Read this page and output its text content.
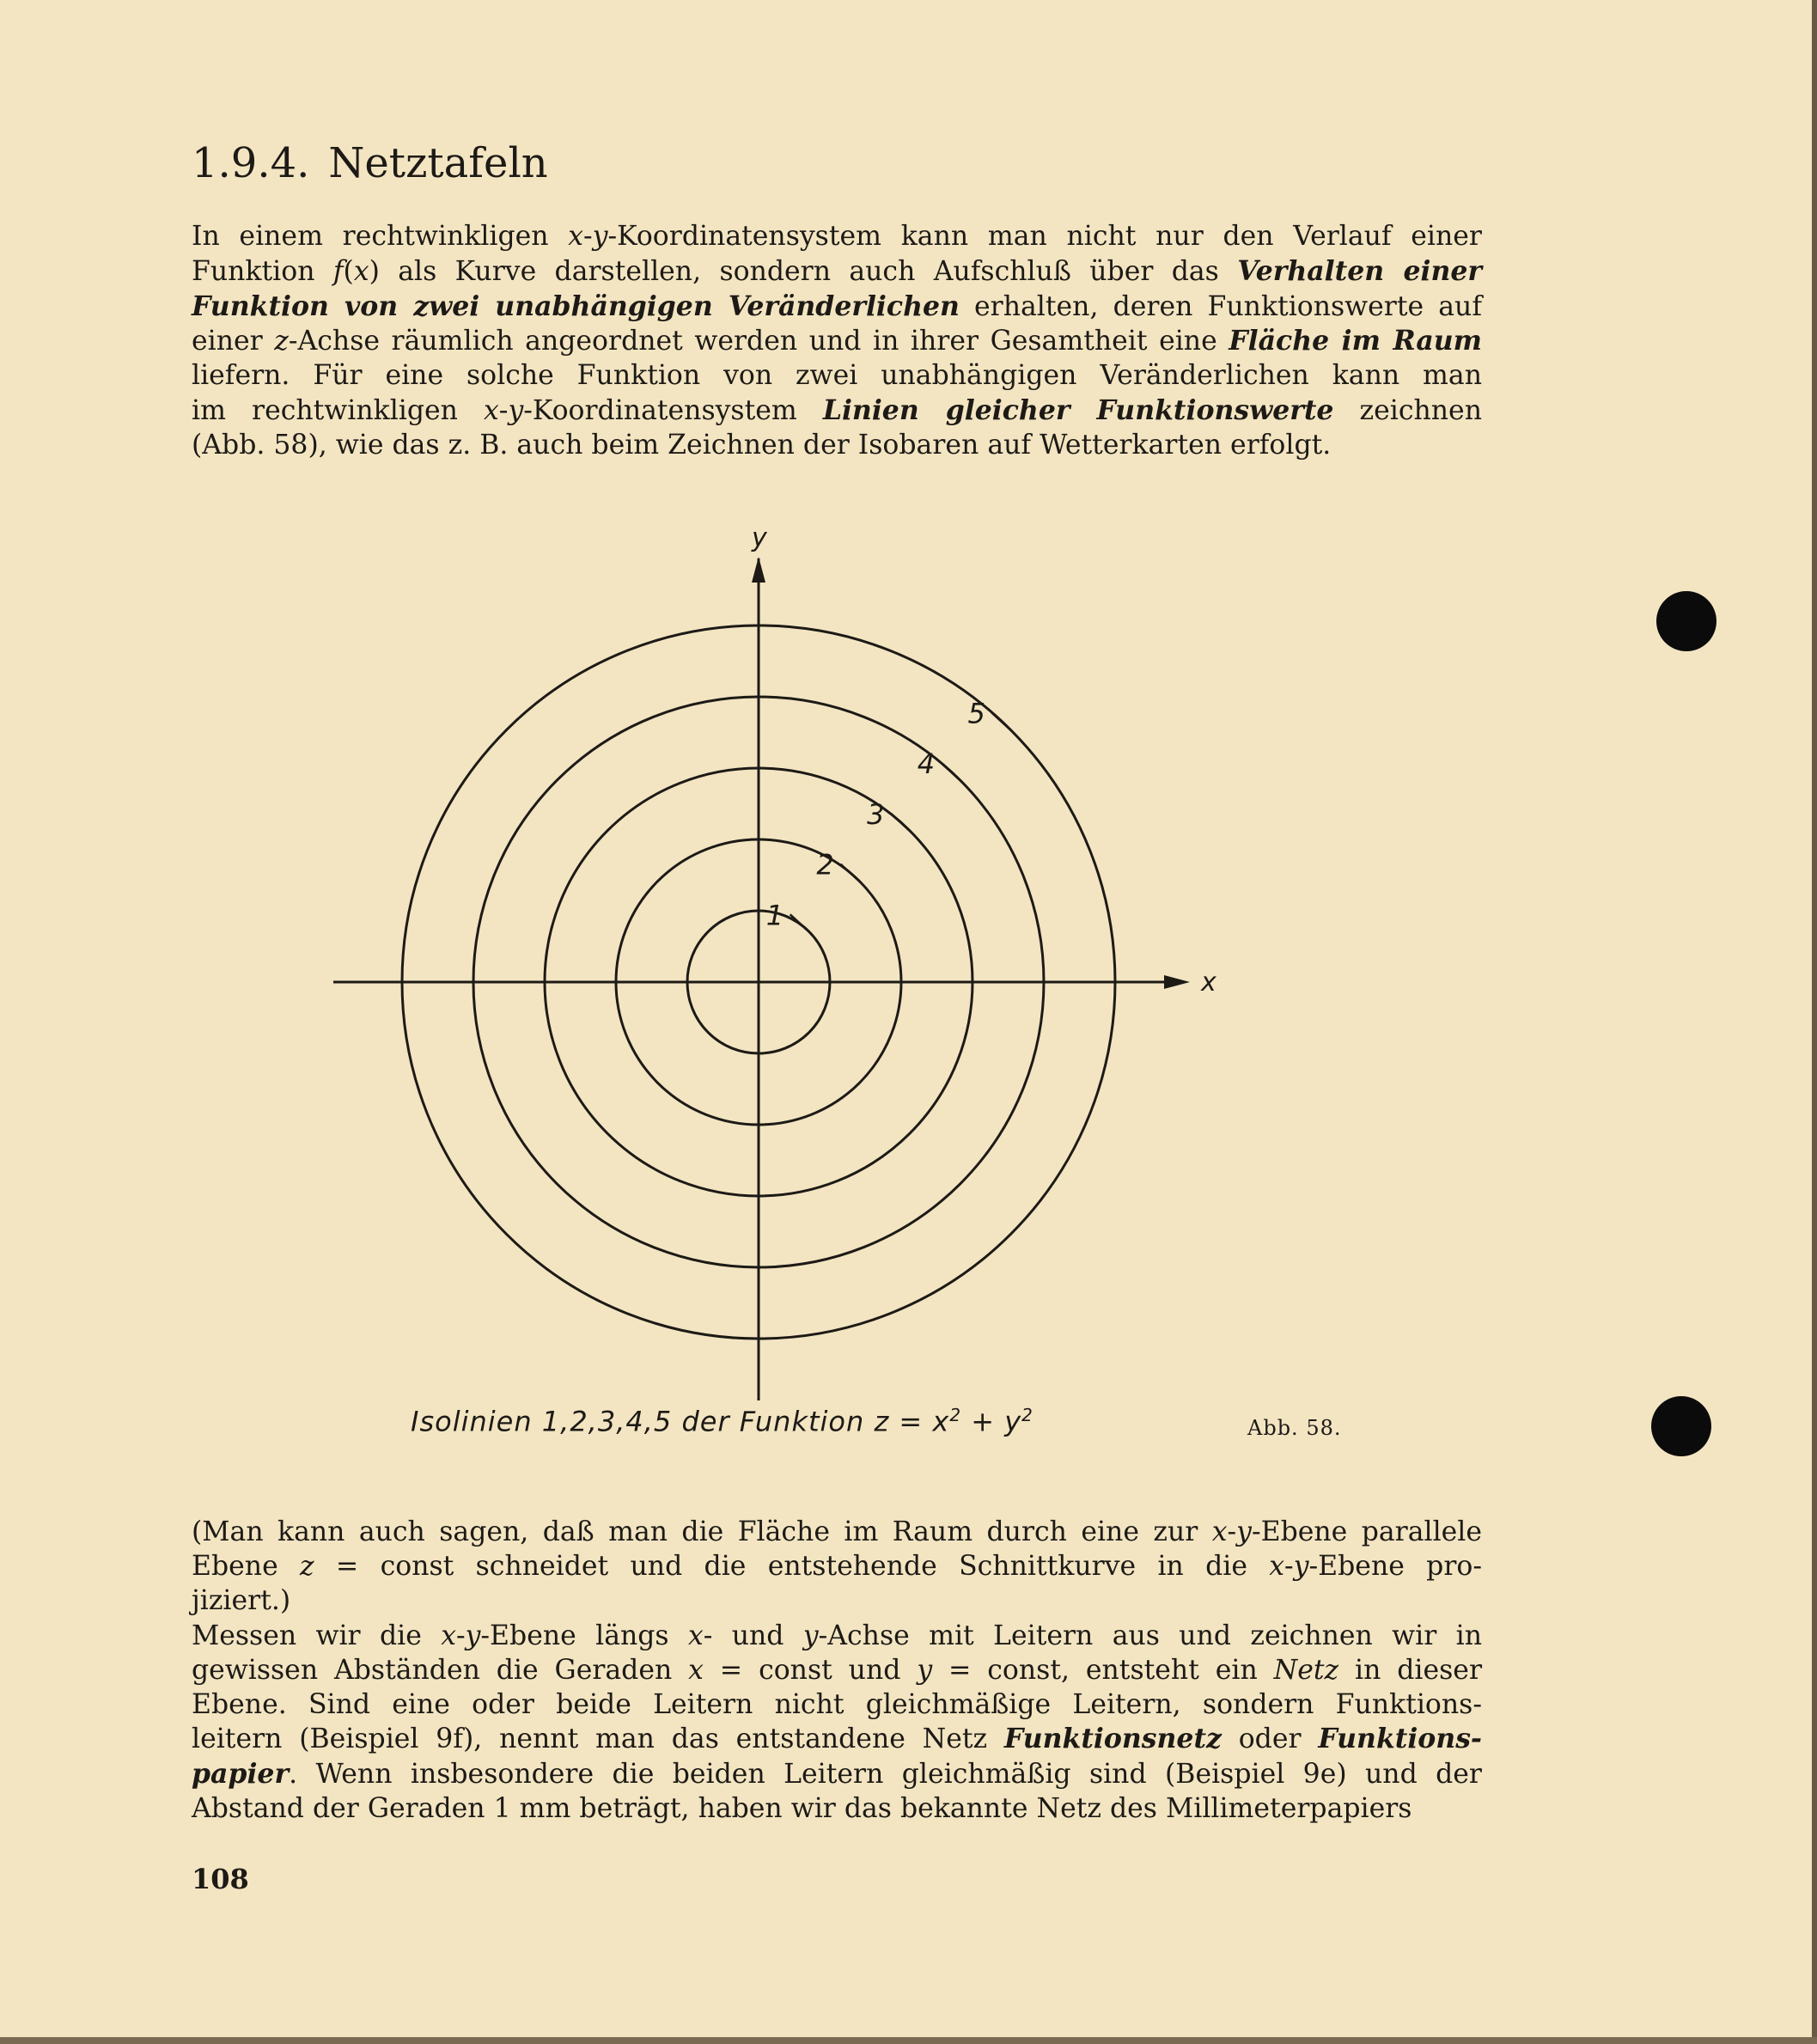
1.9.4. Netztafeln

In einem rechtwinkligen x-y-Koordinatensystem kann man nicht nur den Verlauf einer
Funktion f(x) als Kurve darstellen, sondern auch Aufschluß über das Verhalten einer
Funktion von zwei unabhängigen Veränderlichen erhalten, deren Funktionswerte auf
einer z-Achse räumlich angeordnet werden und in ihrer Gesamtheit eine Fläche im Raum
liefern. Für eine solche Funktion von zwei unabhängigen Veränderlichen kann man
im rechtwinkligen x-y-Koordinatensystem Linien gleicher Funktionswerte zeichnen
(Abb. 58), wie das z. B. auch beim Zeichnen der Isobaren auf Wetterkarten erfolgt.

x
y
1
2
3
4
5
Isolinien 1,2,3,4,5 der Funktion $z = x^2 + y^2$
Abb. 58.

(Man kann auch sagen, daß man die Fläche im Raum durch eine zur x-y-Ebene parallele
Ebene z = const schneidet und die entstehende Schnittkurve in die x-y-Ebene pro-
jiziert.)

Messen wir die x-y-Ebene längs x- und y-Achse mit Leitern aus und zeichnen wir in
gewissen Abständen die Geraden x = const und y = const, entsteht ein Netz in dieser
Ebene. Sind eine oder beide Leitern nicht gleichmäßige Leitern, sondern Funktions-
leitern (Beispiel 9f), nennt man das entstandene Netz Funktionsnetz oder Funktions-
papier. Wenn insbesondere die beiden Leitern gleichmäßig sind (Beispiel 9e) und der
Abstand der Geraden 1 mm beträgt, haben wir das bekannte Netz des Millimeterpapiers

108
